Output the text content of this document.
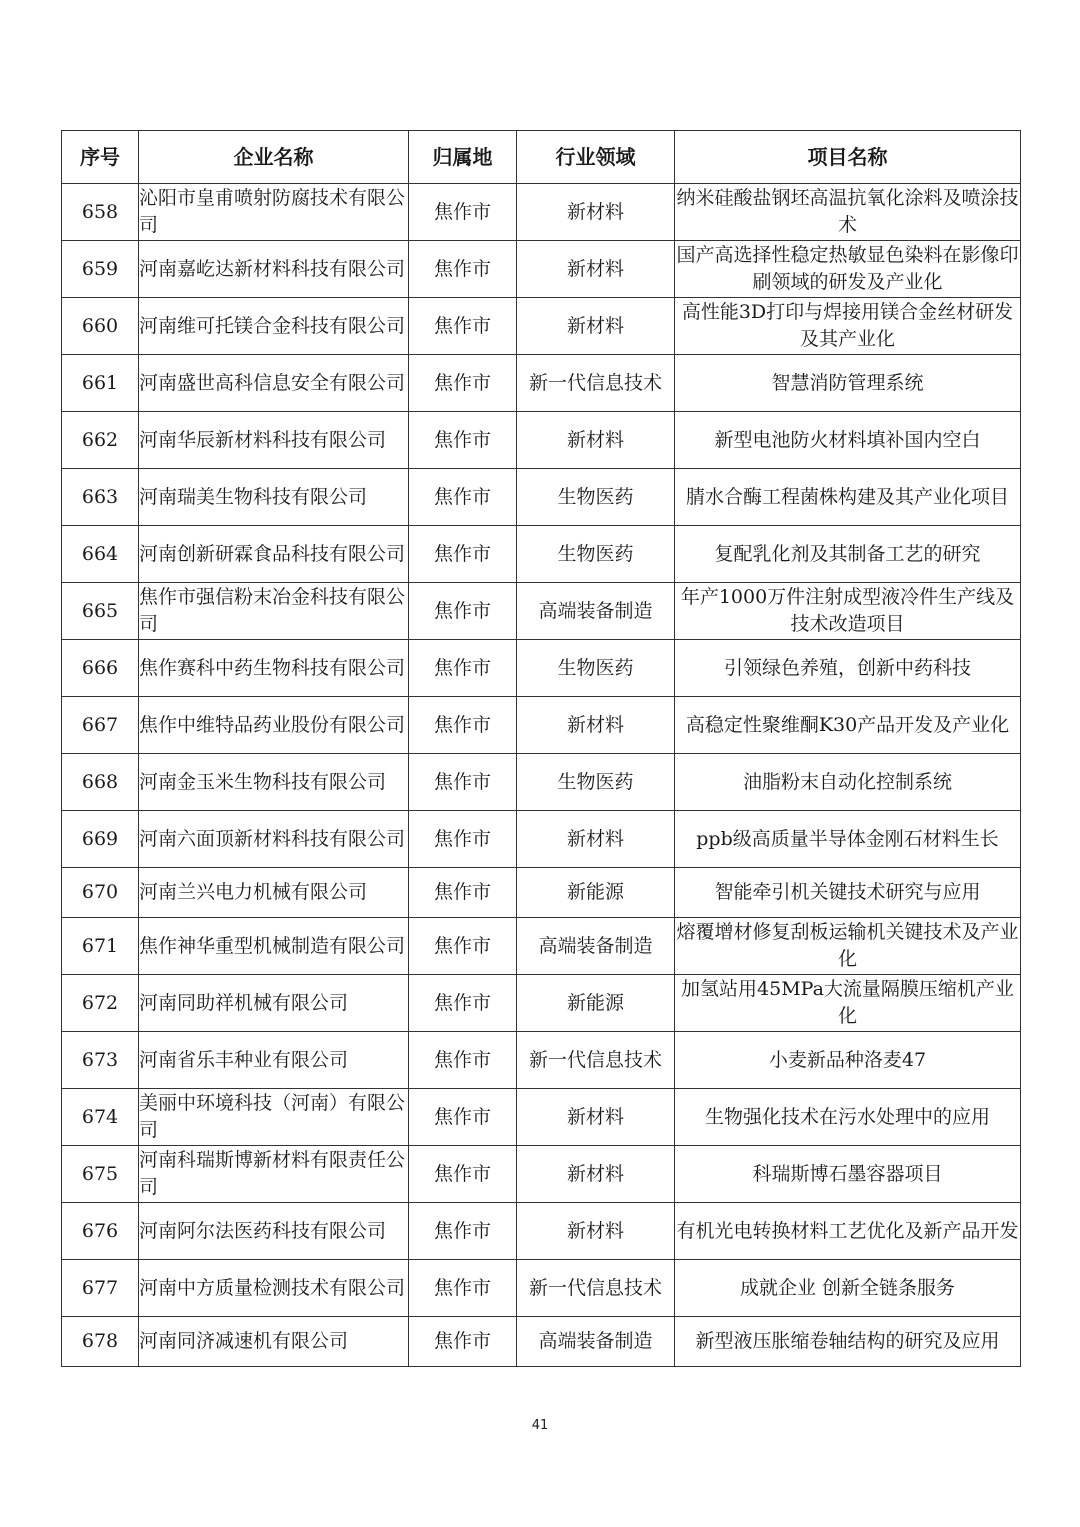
序号	企业名称	归属地	行业领域	项目名称
658	沁阳市皇甫喷射防腐技术有限公司	焦作市	新材料	纳米硅酸盐钢坯高温抗氧化涂料及喷涂技术
659	河南嘉屹达新材料科技有限公司	焦作市	新材料	国产高选择性稳定热敏显色染料在影像印刷领域的研发及产业化
660	河南维可托镁合金科技有限公司	焦作市	新材料	高性能3D打印与焊接用镁合金丝材研发及其产业化
661	河南盛世高科信息安全有限公司	焦作市	新一代信息技术	智慧消防管理系统
662	河南华辰新材料科技有限公司	焦作市	新材料	新型电池防火材料填补国内空白
663	河南瑞美生物科技有限公司	焦作市	生物医药	腈水合酶工程菌株构建及其产业化项目
664	河南创新研霖食品科技有限公司	焦作市	生物医药	复配乳化剂及其制备工艺的研究
665	焦作市强信粉末冶金科技有限公司	焦作市	高端装备制造	年产1000万件注射成型液冷件生产线及技术改造项目
666	焦作赛科中药生物科技有限公司	焦作市	生物医药	引领绿色养殖，创新中药科技
667	焦作中维特品药业股份有限公司	焦作市	新材料	高稳定性聚维酮K30产品开发及产业化
668	河南金玉米生物科技有限公司	焦作市	生物医药	油脂粉末自动化控制系统
669	河南六面顶新材料科技有限公司	焦作市	新材料	ppb级高质量半导体金刚石材料生长
670	河南兰兴电力机械有限公司	焦作市	新能源	智能牵引机关键技术研究与应用
671	焦作神华重型机械制造有限公司	焦作市	高端装备制造	熔覆增材修复刮板运输机关键技术及产业化
672	河南同助祥机械有限公司	焦作市	新能源	加氢站用45MPa大流量隔膜压缩机产业化
673	河南省乐丰种业有限公司	焦作市	新一代信息技术	小麦新品种洛麦47
674	美丽中环境科技（河南）有限公司	焦作市	新材料	生物强化技术在污水处理中的应用
675	河南科瑞斯博新材料有限责任公司	焦作市	新材料	科瑞斯博石墨容器项目
676	河南阿尔法医药科技有限公司	焦作市	新材料	有机光电转换材料工艺优化及新产品开发
677	河南中方质量检测技术有限公司	焦作市	新一代信息技术	成就企业 创新全链条服务
678	河南同济减速机有限公司	焦作市	高端装备制造	新型液压胀缩卷轴结构的研究及应用
41
